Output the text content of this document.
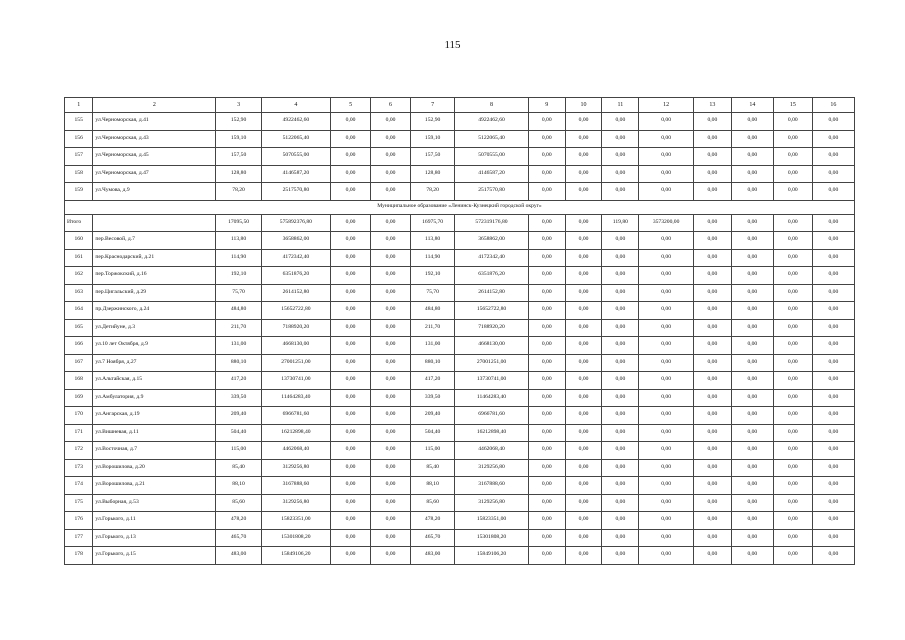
115
1	2	3	4	5	6	7	8	9	10	11	12	13	14	15	16
155	ул.Черноморская, д.41	152,90	4922462,60	0,00	0,00	152,90	4922462,60	0,00	0,00	0,00	0,00	0,00	0,00	0,00	0,00
156	ул.Черноморская, д.43	159,10	5122065,40	0,00	0,00	159,10	5122065,40	0,00	0,00	0,00	0,00	0,00	0,00	0,00	0,00
157	ул.Черноморская, д.45	157,50	5070555,00	0,00	0,00	157,50	5070555,00	0,00	0,00	0,00	0,00	0,00	0,00	0,00	0,00
158	ул.Черноморская, д.47	128,80	4146587,20	0,00	0,00	128,80	4146587,20	0,00	0,00	0,00	0,00	0,00	0,00	0,00	0,00
159	ул.Чумова, д.9	78,20	2517570,80	0,00	0,00	78,20	2517570,80	0,00	0,00	0,00	0,00	0,00	0,00	0,00	0,00
Муниципальное образование «Ленинск-Кузнецкий городской округ»															
Итого		17095,50	575892376,80	0,00	0,00	16975,70	572319176,80	0,00	0,00	119,80	3573200,00	0,00	0,00	0,00	0,00
160	пер.Весовой, д.7	113,80	3658862,00	0,00	0,00	113,80	3658862,00	0,00	0,00	0,00	0,00	0,00	0,00	0,00	0,00
161	пер.Краснодарский, д.21	114,90	4172342,40	0,00	0,00	114,90	4172342,40	0,00	0,00	0,00	0,00	0,00	0,00	0,00	0,00
162	пер.Торжокский, д.16	192,10	6351876,20	0,00	0,00	192,10	6351876,20	0,00	0,00	0,00	0,00	0,00	0,00	0,00	0,00
163	пер.Цигальский, д.29	75,70	2614152,80	0,00	0,00	75,70	2614152,80	0,00	0,00	0,00	0,00	0,00	0,00	0,00	0,00
164	пр.Дзержинского, д.24	484,80	15652722,80	0,00	0,00	484,80	15652722,80	0,00	0,00	0,00	0,00	0,00	0,00	0,00	0,00
165	ул.Детийуне, д.3	211,70	7188920,20	0,00	0,00	211,70	7188920,20	0,00	0,00	0,00	0,00	0,00	0,00	0,00	0,00
166	ул.10 лет Октября, д.9	131,00	4668130,00	0,00	0,00	131,00	4668130,00	0,00	0,00	0,00	0,00	0,00	0,00	0,00	0,00
167	ул.7 Ноября, д.27	880,10	27001251,00	0,00	0,00	880,10	27001251,00	0,00	0,00	0,00	0,00	0,00	0,00	0,00	0,00
168	ул.Альтайская, д.15	417,20	13730741,00	0,00	0,00	417,20	13730741,00	0,00	0,00	0,00	0,00	0,00	0,00	0,00	0,00
169	ул.Амбулатория, д.9	339,50	11464283,40	0,00	0,00	339,50	11464283,40	0,00	0,00	0,00	0,00	0,00	0,00	0,00	0,00
170	ул.Ангарская, д.19	209,40	6966781,60	0,00	0,00	209,40	6966781,60	0,00	0,00	0,00	0,00	0,00	0,00	0,00	0,00
171	ул.Вишневая, д.11	504,40	16212898,40	0,00	0,00	504,40	16212898,40	0,00	0,00	0,00	0,00	0,00	0,00	0,00	0,00
172	ул.Восточная, д.7	115,00	4462068,40	0,00	0,00	115,00	4462068,40	0,00	0,00	0,00	0,00	0,00	0,00	0,00	0,00
173	ул.Ворошилова, д.20	85,40	3129256,80	0,00	0,00	85,40	3129256,80	0,00	0,00	0,00	0,00	0,00	0,00	0,00	0,00
174	ул.Ворошилова, д.21	88,10	3167888,60	0,00	0,00	88,10	3167888,60	0,00	0,00	0,00	0,00	0,00	0,00	0,00	0,00
175	ул.Выборная, д.53	85,60	3129256,80	0,00	0,00	85,60	3129256,80	0,00	0,00	0,00	0,00	0,00	0,00	0,00	0,00
176	ул.Горького, д.11	478,20	15823351,00	0,00	0,00	478,20	15823351,00	0,00	0,00	0,00	0,00	0,00	0,00	0,00	0,00
177	ул.Горького, д.13	465,70	15301808,20	0,00	0,00	465,70	15301808,20	0,00	0,00	0,00	0,00	0,00	0,00	0,00	0,00
178	ул.Горького, д.15	483,00	15849106,20	0,00	0,00	483,00	15849106,20	0,00	0,00	0,00	0,00	0,00	0,00	0,00	0,00
